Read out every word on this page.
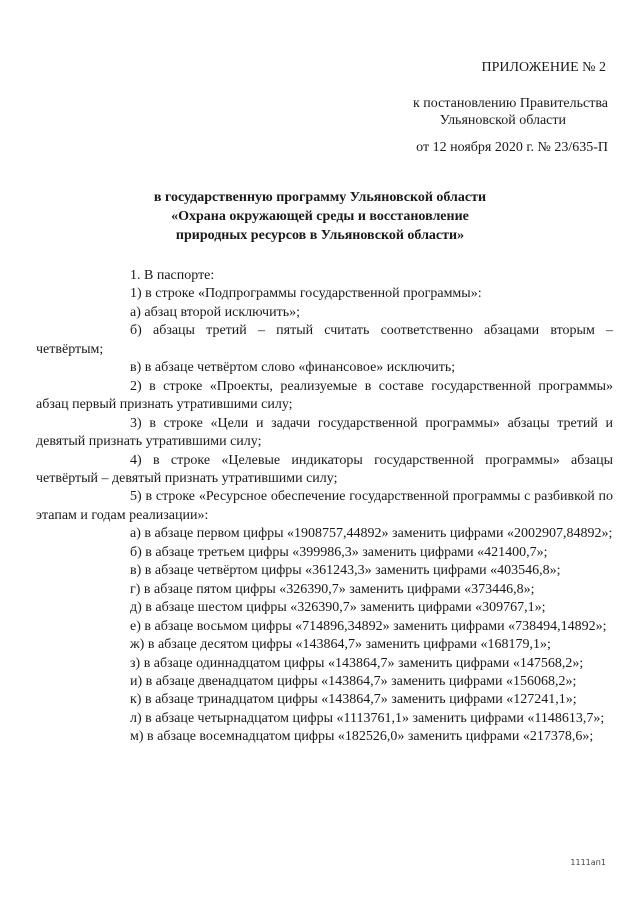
ПРИЛОЖЕНИЕ № 2
к постановлению Правительства
Ульяновской области
от 12 ноября 2020 г. № 23/635-П
в государственную программу Ульяновской области
«Охрана окружающей среды и восстановление
природных ресурсов в Ульяновской области»
1. В паспорте:
1) в строке «Подпрограммы государственной программы»:
а) абзац второй исключить»;
б) абзацы третий – пятый считать соответственно абзацами вторым – четвёртым;
в) в абзаце четвёртом слово «финансовое» исключить;
2) в строке «Проекты, реализуемые в составе государственной программы» абзац первый признать утратившими силу;
3) в строке «Цели и задачи государственной программы» абзацы третий и девятый признать утратившими силу;
4) в строке «Целевые индикаторы государственной программы» абзацы четвёртый – девятый признать утратившими силу;
5) в строке «Ресурсное обеспечение государственной программы с разбивкой по этапам и годам реализации»:
а) в абзаце первом цифры «1908757,44892» заменить цифрами «2002907,84892»;
б) в абзаце третьем цифры «399986,3» заменить цифрами «421400,7»;
в) в абзаце четвёртом цифры «361243,3» заменить цифрами «403546,8»;
г) в абзаце пятом цифры «326390,7» заменить цифрами «373446,8»;
д) в абзаце шестом цифры «326390,7» заменить цифрами «309767,1»;
е) в абзаце восьмом цифры «714896,34892» заменить цифрами «738494,14892»;
ж) в абзаце десятом цифры «143864,7» заменить цифрами «168179,1»;
з) в абзаце одиннадцатом цифры «143864,7» заменить цифрами «147568,2»;
и) в абзаце двенадцатом цифры «143864,7» заменить цифрами «156068,2»;
к) в абзаце тринадцатом цифры «143864,7» заменить цифрами «127241,1»;
л) в абзаце четырнадцатом цифры «1113761,1» заменить цифрами «1148613,7»;
м) в абзаце восемнадцатом цифры «182526,0» заменить цифрами «217378,6»;
1111ап1
